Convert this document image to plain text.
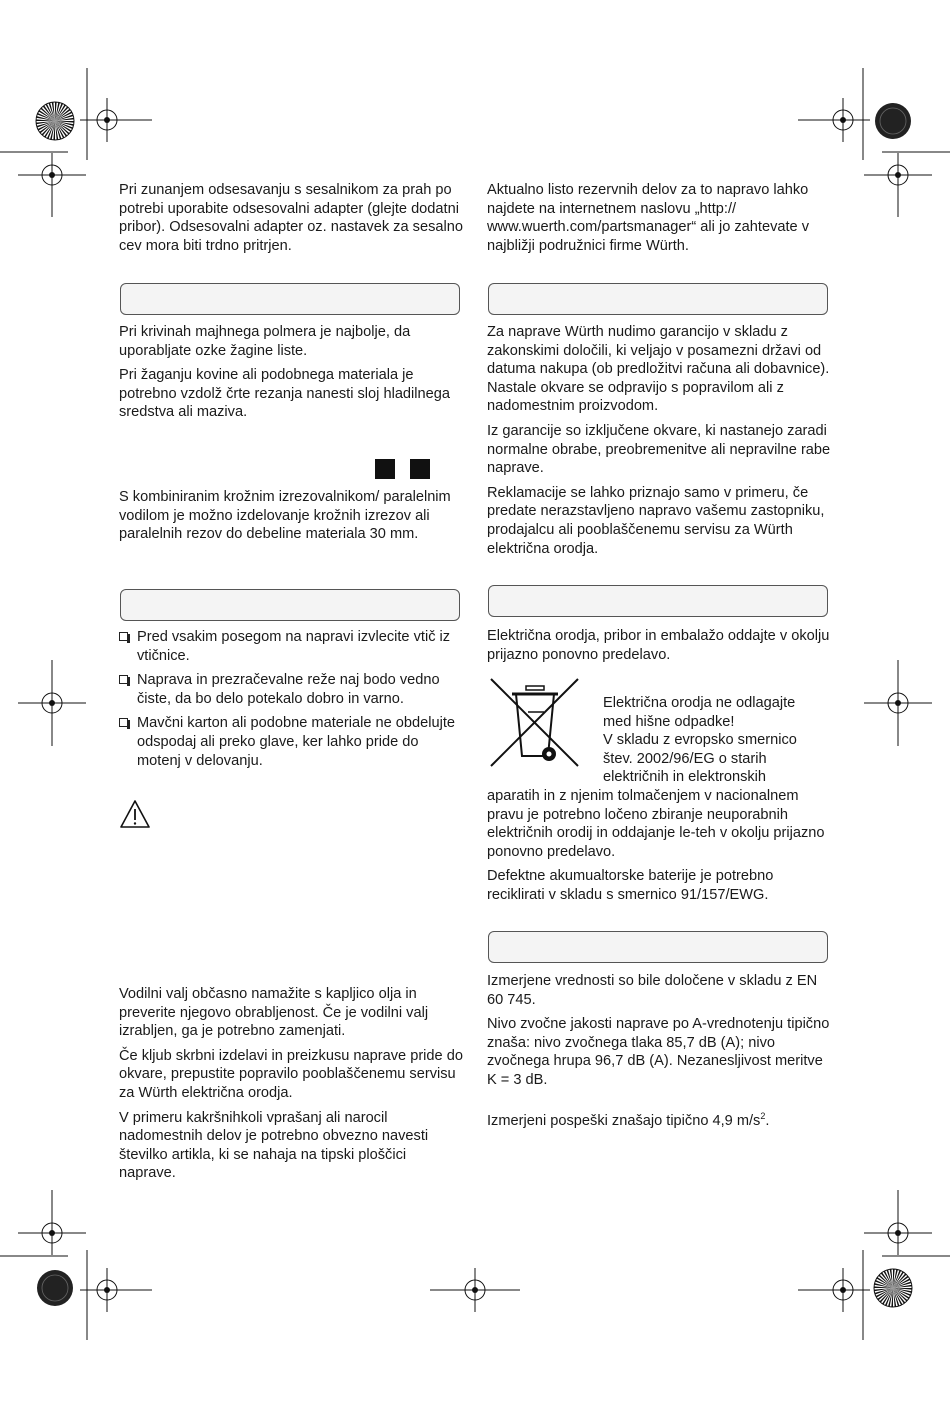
Pri zunanjem odsesavanju s sesalnikom za prah po potrebi uporabite odsesovalni adapter (glejte dodatni pribor). Odsesovalni adapter oz. nastavek za sesalno cev mora biti trdno pritrjen.

Pri krivinah majhnega polmera je najbolje, da uporabljate ozke žagine liste.

Pri žaganju kovine ali podobnega materiala je potrebno vzdolž črte rezanja nanesti sloj hladilnega sredstva ali maziva.

S kombiniranim krožnim izrezovalnikom/ paralelnim vodilom je možno izdelovanje krožnih izrezov ali paralelnih rezov do debeline materiala 30 mm.

Pred vsakim posegom na napravi izvlecite vtič iz vtičnice.
Naprava in prezračevalne reže naj bodo vedno čiste, da bo delo potekalo dobro in varno.
Mavčni karton ali podobne materiale ne obdelujte odspodaj ali preko glave, ker lahko pride do motenj v delovanju.

Vodilni valj občasno namažite s kapljico olja in preverite njegovo obrabljenost. Če je vodilni valj izrabljen, ga je potrebno zamenjati.

Če kljub skrbni izdelavi in preizkusu naprave pride do okvare, prepustite popravilo pooblaščenemu servisu za Würth električna orodja.

V primeru kakršnihkoli vprašanj ali narocil nadomestnih delov je potrebno obvezno navesti številko artikla, ki se nahaja na tipski ploščici naprave.

Aktualno listo rezervnih delov za to napravo lahko najdete na internetnem naslovu „http:// www.wuerth.com/partsmanager“ ali jo zahtevate v najbližji podružnici firme Würth.

Za naprave Würth nudimo garancijo v skladu z zakonskimi določili, ki veljajo v posamezni državi od datuma nakupa (ob predložitvi računa ali dobavnice). Nastale okvare se odpravijo s popravilom ali z nadomestnim proizvodom.

Iz garancije so izključene okvare, ki nastanejo zaradi normalne obrabe, preobremenitve ali nepravilne rabe naprave.

Reklamacije se lahko priznajo samo v primeru, če predate nerazstavljeno napravo vašemu zastopniku, prodajalcu ali pooblaščenemu servisu za Würth električna orodja.

Električna orodja, pribor in embalažo oddajte v okolju prijazno ponovno predelavo.

Električna orodja ne odlagajte
med hišne odpadke!
V skladu z evropsko smernico
štev. 2002/96/EG o starih
električnih in elektronskih

aparatih in z njenim tolmačenjem v nacionalnem pravu je potrebno ločeno zbiranje neuporabnih električnih orodij in oddajanje le-teh v okolju prijazno ponovno predelavo.

Defektne akumualtorske baterije je potrebno reciklirati v skladu s smernico 91/157/EWG.

Izmerjene vrednosti so bile določene v skladu z EN 60 745.

Nivo zvočne jakosti naprave po A-vrednotenju tipično znaša: nivo zvočnega tlaka 85,7 dB (A); nivo zvočnega hrupa 96,7 dB (A). Nezanesljivost meritve K = 3 dB.

Izmerjeni pospeški znašajo tipično 4,9 $m/s^2$.
